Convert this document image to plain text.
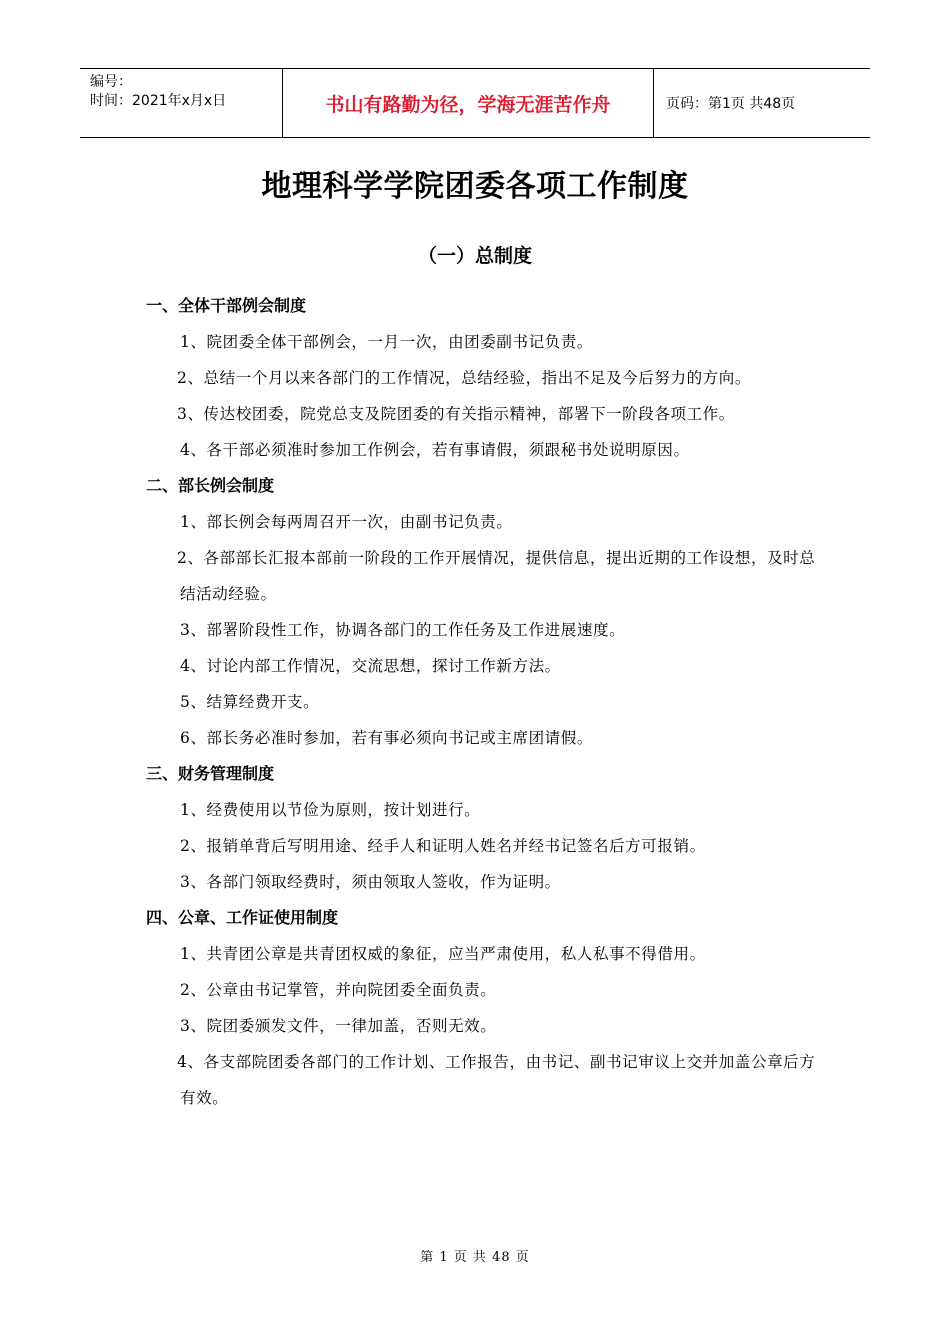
编号：
时间：2021年x月x日	书山有路勤为径，学海无涯苦作舟	页码：第1页 共48页
地理科学学院团委各项工作制度
（一）总制度
一、全体干部例会制度
1、院团委全体干部例会，一月一次，由团委副书记负责。
2、总结一个月以来各部门的工作情况，总结经验，指出不足及今后努力的方向。
3、传达校团委，院党总支及院团委的有关指示精神，部署下一阶段各项工作。
4、各干部必须准时参加工作例会，若有事请假，须跟秘书处说明原因。
二、部长例会制度
1、部长例会每两周召开一次，由副书记负责。
2、各部部长汇报本部前一阶段的工作开展情况，提供信息，提出近期的工作设想，及时总结活动经验。
3、部署阶段性工作，协调各部门的工作任务及工作进展速度。
4、讨论内部工作情况，交流思想，探讨工作新方法。
5、结算经费开支。
6、部长务必准时参加，若有事必须向书记或主席团请假。
三、财务管理制度
1、经费使用以节俭为原则，按计划进行。
2、报销单背后写明用途、经手人和证明人姓名并经书记签名后方可报销。
3、各部门领取经费时，须由领取人签收，作为证明。
四、公章、工作证使用制度
1、共青团公章是共青团权威的象征，应当严肃使用，私人私事不得借用。
2、公章由书记掌管，并向院团委全面负责。
3、院团委颁发文件，一律加盖，否则无效。
4、各支部院团委各部门的工作计划、工作报告，由书记、副书记审议上交并加盖公章后方有效。
第 1 页 共 48 页
